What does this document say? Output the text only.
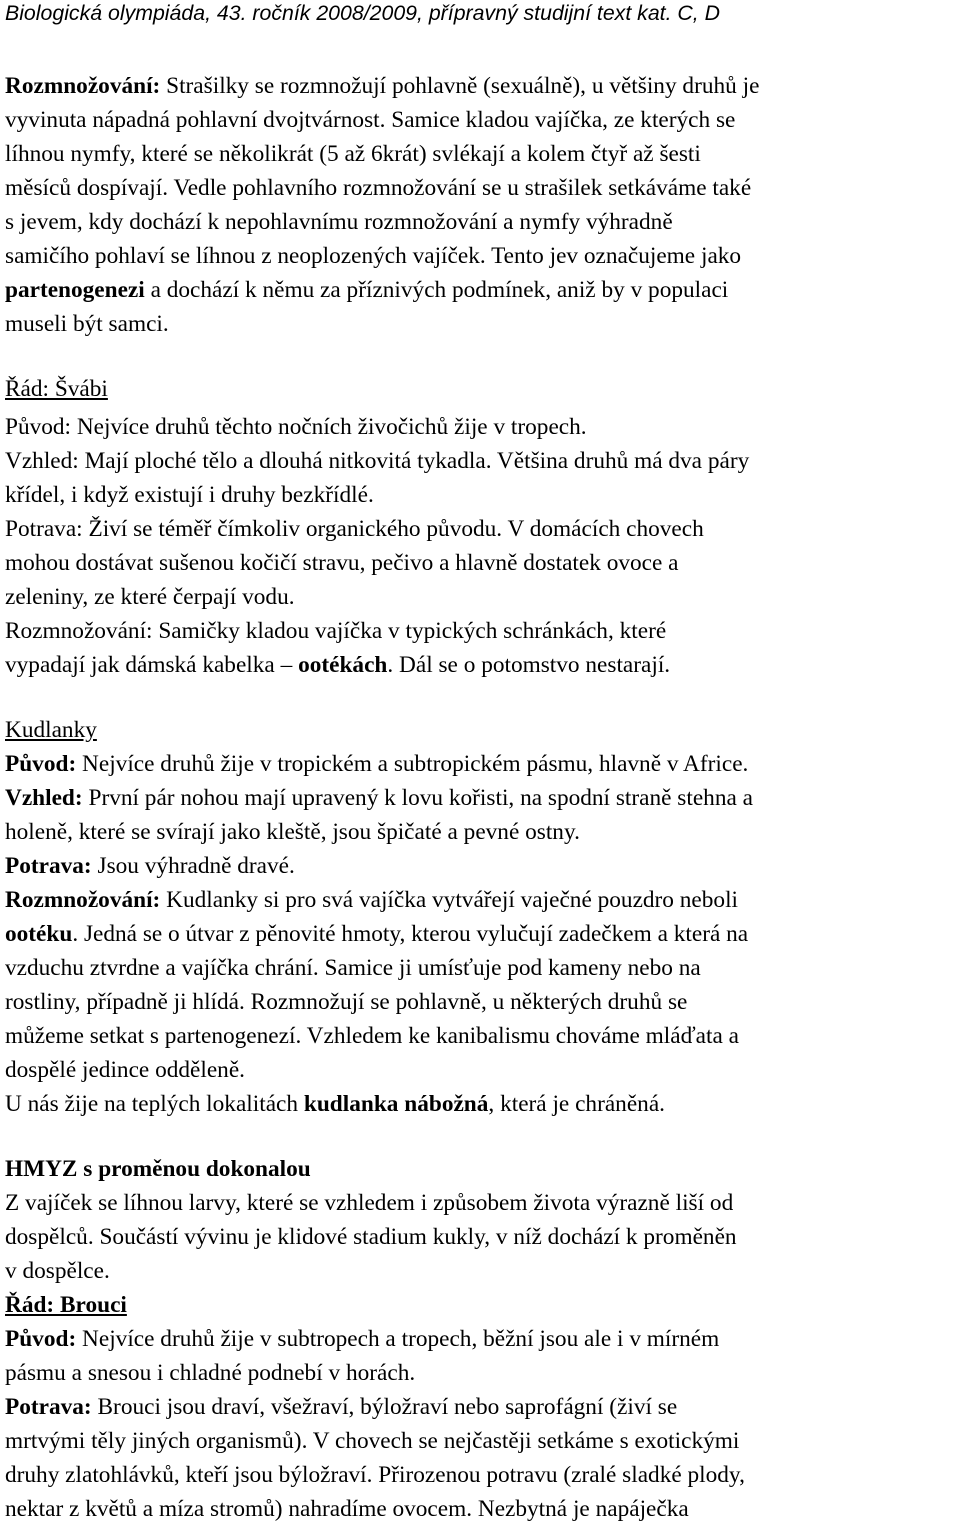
Biologická olympiáda, 43. ročník 2008/2009, přípravný studijní text kat. C, D
Rozmnožování: Strašilky se rozmnožují pohlavně (sexuálně), u většiny druhů je
vyvinuta nápadná pohlavní dvojtvárnost. Samice kladou vajíčka, ze kterých se
líhnou nymfy, které se několikrát (5 až 6krát) svlékají a kolem čtyř až šesti
měsíců dospívají. Vedle pohlavního rozmnožování se u strašilek setkáváme také
s jevem, kdy dochází k nepohlavnímu rozmnožování a nymfy výhradně
samičího pohlaví se líhnou z neoplozených vajíček. Tento jev označujeme jako
partenogenezi a dochází k němu za příznivých podmínek, aniž by v populaci
museli být samci.
Řád: Švábi
Původ: Nejvíce druhů těchto nočních živočichů žije v tropech.
Vzhled: Mají ploché tělo a dlouhá nitkovitá tykadla. Většina druhů má dva páry
křídel, i když existují i druhy bezkřídlé.
Potrava: Živí se téměř čímkoliv organického původu. V domácích chovech
mohou dostávat sušenou kočičí stravu, pečivo a hlavně dostatek ovoce a
zeleniny, ze které čerpají vodu.
Rozmnožování: Samičky kladou vajíčka v typických schránkách, které
vypadají jak dámská kabelka – ootékách. Dál se o potomstvo nestarají.
Kudlanky
Původ: Nejvíce druhů žije v tropickém a subtropickém pásmu, hlavně v Africe.
Vzhled: První pár nohou mají upravený k lovu kořisti, na spodní straně stehna a
holeně, které se svírají jako kleště, jsou špičaté a pevné ostny.
Potrava: Jsou výhradně dravé.
Rozmnožování: Kudlanky si pro svá vajíčka vytvářejí vaječné pouzdro neboli
ootéku. Jedná se o útvar z pěnovité hmoty, kterou vylučují zadečkem a která na
vzduchu ztvrdne a vajíčka chrání. Samice ji umísťuje pod kameny nebo na
rostliny, případně ji hlídá. Rozmnožují se pohlavně, u některých druhů se
můžeme setkat s partenogenezí. Vzhledem ke kanibalismu chováme mláďata a
dospělé jedince odděleně.
U nás žije na teplých lokalitách kudlanka nábožná, která je chráněná.
HMYZ s proměnou dokonalou
Z vajíček se líhnou larvy, které se vzhledem i způsobem života výrazně liší od
dospělců. Součástí vývinu je klidové stadium kukly, v níž dochází k proměněn
v dospělce.
Řád: Brouci
Původ: Nejvíce druhů žije v subtropech a tropech, běžní jsou ale i v mírném
pásmu a snesou i chladné podnebí v horách.
Potrava: Brouci jsou draví, všežraví, býložraví nebo saprofágní (živí se
mrtvými těly jiných organismů). V chovech se nejčastěji setkáme s exotickými
druhy zlatohlávků, kteří jsou býložraví. Přirozenou potravu (zralé sladké plody,
nektar z květů a míza stromů) nahradíme ovocem. Nezbytná je napáječka
